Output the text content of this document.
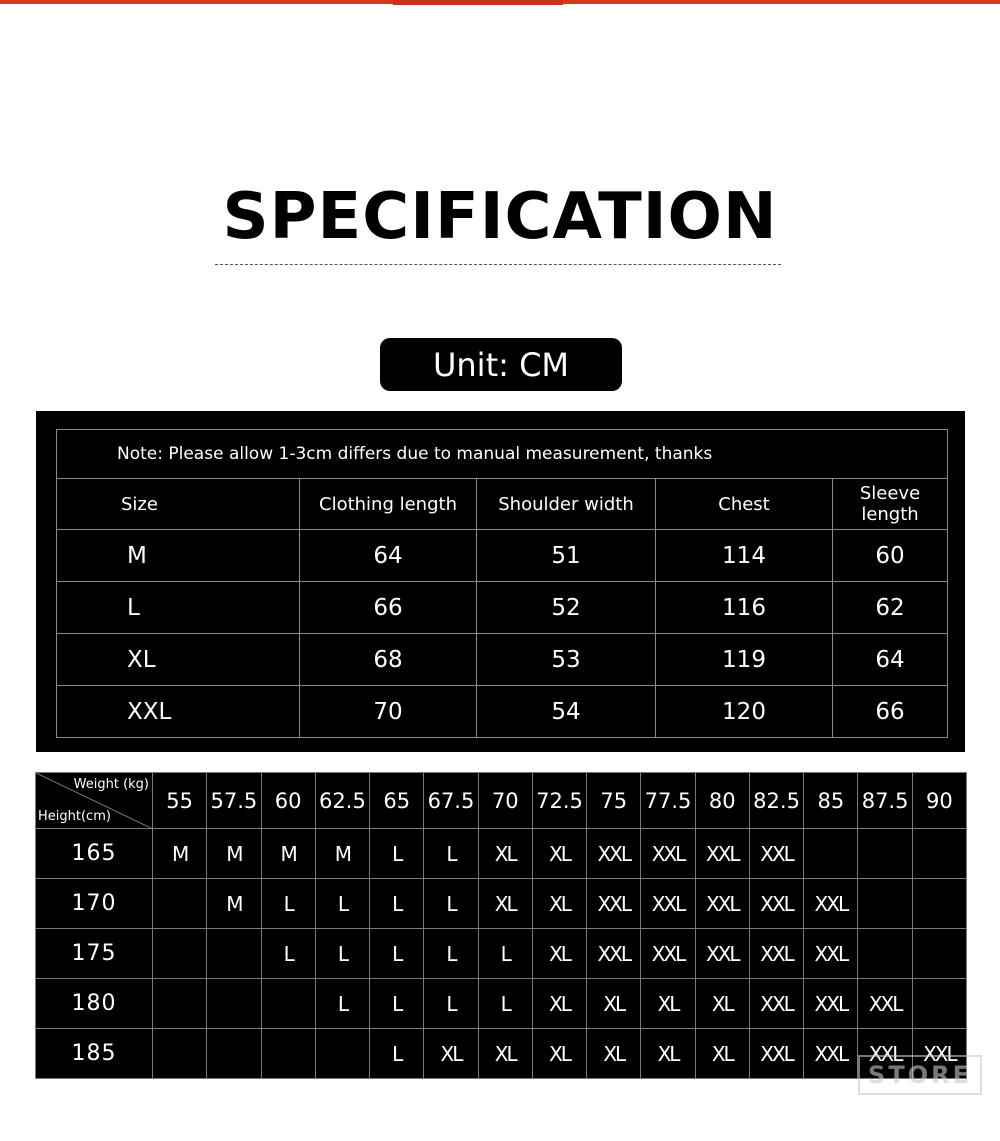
SPECIFICATION
Unit: CM
Note: Please allow 1-3cm differs due to manual measurement, thanks				
Size	Clothing length	Shoulder width	Chest	Sleeve length
M	64	51	114	60
L	66	52	116	62
XL	68	53	119	64
XXL	70	54	120	66
Weight (kg)
Height(cm)	55	57.5	60	62.5	65	67.5	70	72.5	75	77.5	80	82.5	85	87.5	90
165	M	M	M	M	L	L	XL	XL	XXL	XXL	XXL	XXL			
170		M	L	L	L	L	XL	XL	XXL	XXL	XXL	XXL	XXL		
175			L	L	L	L	L	XL	XXL	XXL	XXL	XXL	XXL		
180				L	L	L	L	XL	XL	XL	XL	XXL	XXL	XXL	
185					L	XL	XL	XL	XL	XL	XL	XXL	XXL	XXL	XXL
STORE
